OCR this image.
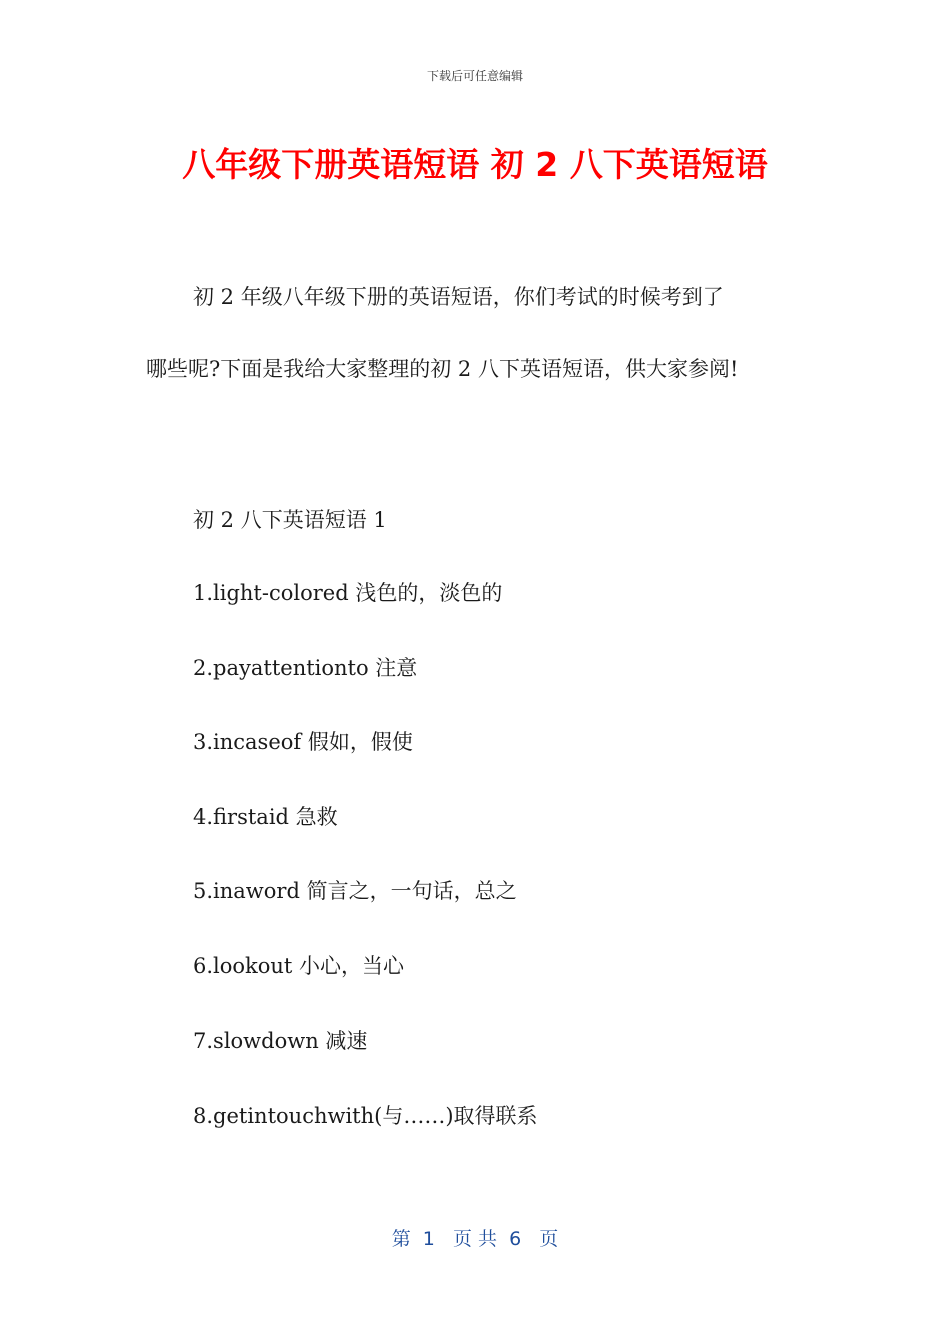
下载后可任意编辑
八年级下册英语短语 初 2 八下英语短语
初 2 年级八年级下册的英语短语，你们考试的时候考到了
哪些呢?下面是我给大家整理的初 2 八下英语短语，供大家参阅!
初 2 八下英语短语 1
1.light-colored 浅色的，淡色的
2.payattentionto 注意
3.incaseof 假如，假使
4.firstaid 急救
5.inaword 简言之，一句话，总之
6.lookout 小心，当心
7.slowdown 减速
8.getintouchwith(与……)取得联系
第  1   页 共  6   页
